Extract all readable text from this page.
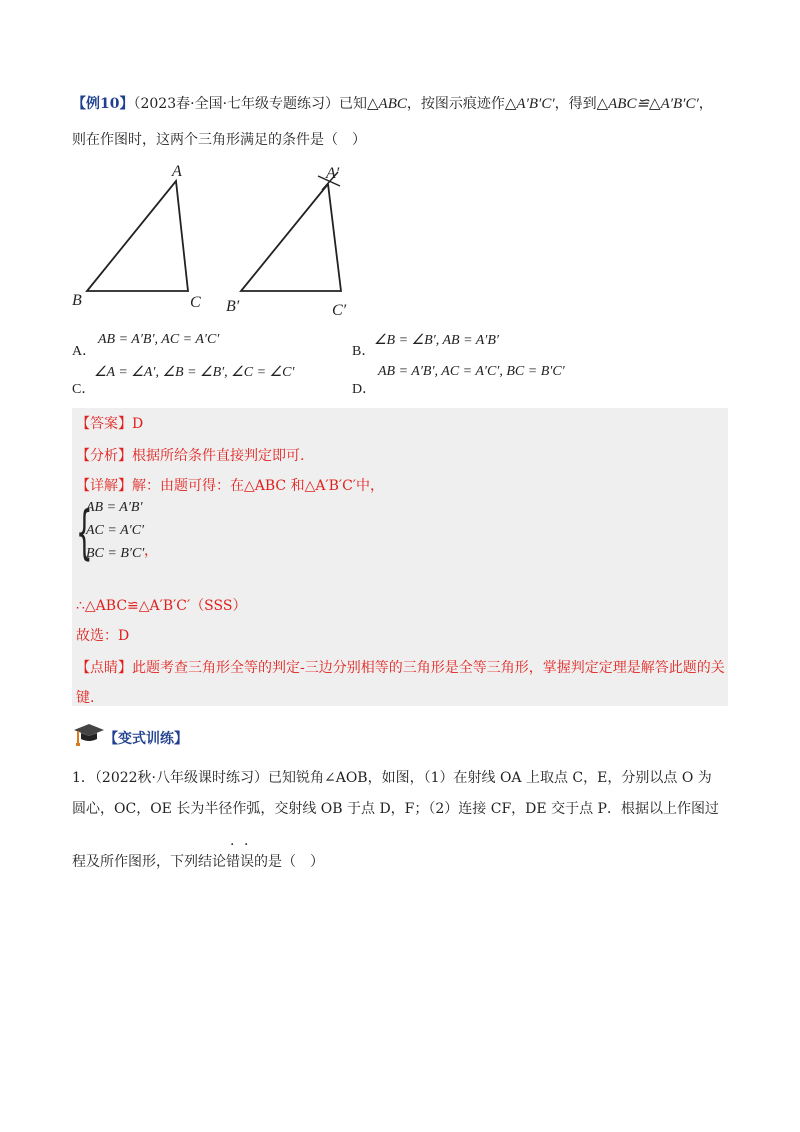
【例10】（2023春·全国·七年级专题练习）已知△ABC，按图示痕迹作△A′B′C′，得到△ABC≌△A′B′C′，
则在作图时，这两个三角形满足的条件是（　）
A
B	C
A′
B′	C′
A．
AB = A′B′, AC = A′C′
B．
∠B = ∠B′, AB = A′B′
C．
∠A = ∠A′, ∠B = ∠B′, ∠C = ∠C′
D．
AB = A′B′, AC = A′C′, BC = B′C′
【答案】D
【分析】根据所给条件直接判定即可.
【详解】解：由题可得：在△ABC 和△A′B′C′中，
{
AB = A′B′
AC = A′C′
BC = B′C′ ，
∴△ABC≌△A′B′C′（SSS）
故选：D
【点睛】此题考查三角形全等的判定-三边分别相等的三角形是全等三角形，掌握判定定理是解答此题的关
键.
【变式训练】
1．（2022秋·八年级课时练习）已知锐角∠AOB，如图，（1）在射线 OA 上取点 C，E，分别以点 O 为
圆心，OC，OE 长为半径作弧，交射线 OB 于点 D，F；（2）连接 CF，DE 交于点 P．根据以上作图过
程及所作图形，下列结论错误的是（　）
